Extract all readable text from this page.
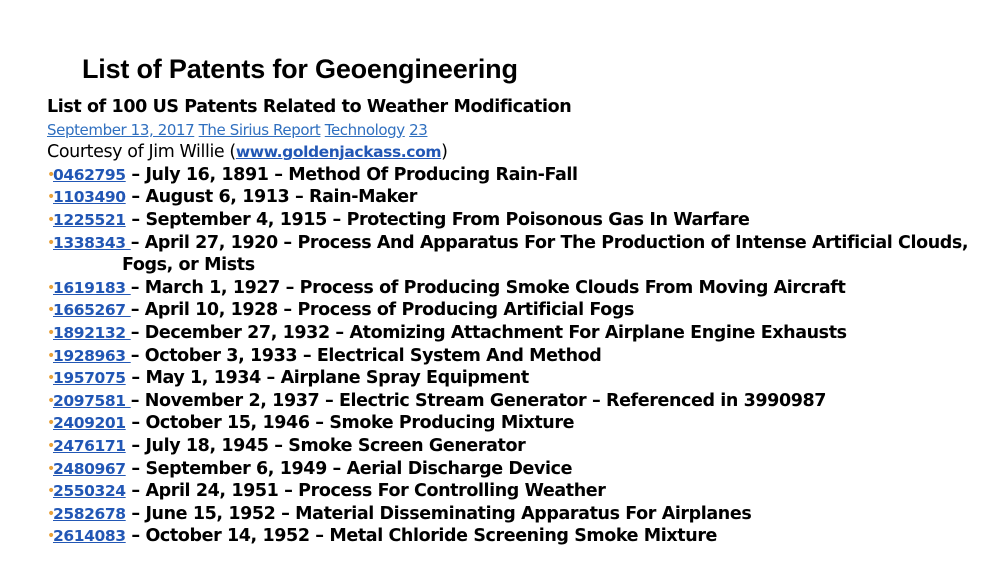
List of Patents for Geoengineering
List of 100 US Patents Related to Weather Modification
September 13, 2017 The Sirius Report Technology 23
Courtesy of Jim Willie (www.goldenjackass.com)
•
0462795 – July 16, 1891 – Method Of Producing Rain-Fall
•
1103490 – August 6, 1913 – Rain-Maker
•
1225521 – September 4, 1915 – Protecting From Poisonous Gas In Warfare
•
1338343 – April 27, 1920 – Process And Apparatus For The Production of Intense Artificial Clouds,
Fogs, or Mists
•
1619183 – March 1, 1927 – Process of Producing Smoke Clouds From Moving Aircraft
•
1665267 – April 10, 1928 – Process of Producing Artificial Fogs
•
1892132 – December 27, 1932 – Atomizing Attachment For Airplane Engine Exhausts
•
1928963 – October 3, 1933 – Electrical System And Method
•
1957075 – May 1, 1934 – Airplane Spray Equipment
•
2097581 – November 2, 1937 – Electric Stream Generator – Referenced in 3990987
•
2409201 – October 15, 1946 – Smoke Producing Mixture
•
2476171 – July 18, 1945 – Smoke Screen Generator
•
2480967 – September 6, 1949 – Aerial Discharge Device
•
2550324 – April 24, 1951 – Process For Controlling Weather
•
2582678 – June 15, 1952 – Material Disseminating Apparatus For Airplanes
•
2614083 – October 14, 1952 – Metal Chloride Screening Smoke Mixture
